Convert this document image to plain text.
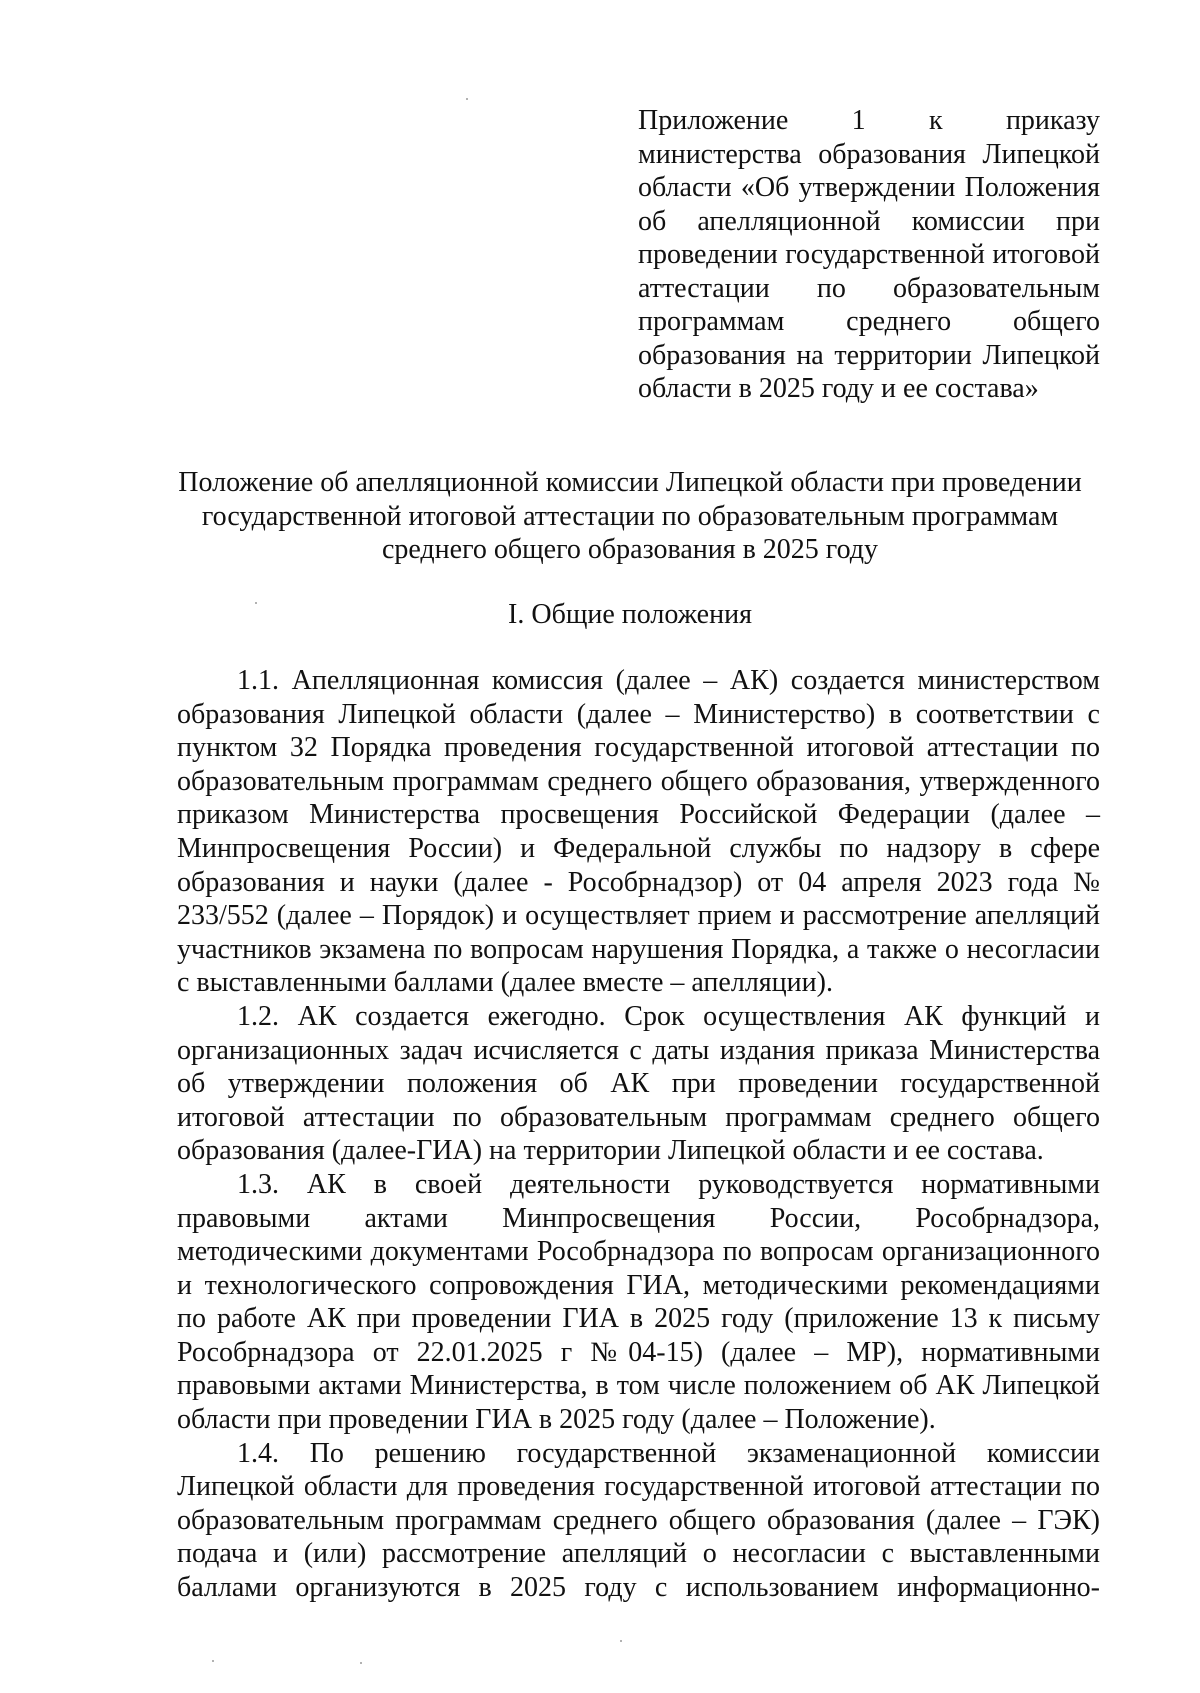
Приложение 1 к приказу министерства образования Липецкой области «Об утверждении Положения об апелляционной комиссии при проведении государственной итоговой аттестации по образовательным программам среднего общего образования на территории Липецкой области в 2025 году и ее состава»
Положение об апелляционной комиссии Липецкой области при проведении государственной итоговой аттестации по образовательным программам среднего общего образования в 2025 году
I. Общие положения

1.1. Апелляционная комиссия (далее – АК) создается министерством образования Липецкой области (далее – Министерство) в соответствии с пунктом 32 Порядка проведения государственной итоговой аттестации по образовательным программам среднего общего образования, утвержденного приказом Министерства просвещения Российской Федерации (далее – Минпросвещения России) и Федеральной службы по надзору в сфере образования и науки (далее - Рособрнадзор) от 04 апреля 2023 года № 233/552 (далее – Порядок) и осуществляет прием и рассмотрение апелляций участников экзамена по вопросам нарушения Порядка, а также о несогласии с выставленными баллами (далее вместе – апелляции).

1.2. АК создается ежегодно. Срок осуществления АК функций и организационных задач исчисляется с даты издания приказа Министерства об утверждении положения об АК при проведении государственной итоговой аттестации по образовательным программам среднего общего образования (далее-ГИА) на территории Липецкой области и ее состава.

1.3. АК в своей деятельности руководствуется нормативными правовыми актами Минпросвещения России, Рособрнадзора, методическими документами Рособрнадзора по вопросам организационного и технологического сопровождения ГИА, методическими рекомендациями по работе АК при проведении ГИА в 2025 году (приложение 13 к письму Рособрнадзора от 22.01.2025 г №04-15) (далее – МР), нормативными правовыми актами Министерства, в том числе положением об АК Липецкой области при проведении ГИА в 2025 году (далее – Положение).

1.4. По решению государственной экзаменационной комиссии Липецкой области для проведения государственной итоговой аттестации по образовательным программам среднего общего образования (далее – ГЭК) подача и (или) рассмотрение апелляций о несогласии с выставленными баллами организуются в 2025 году с использованием информационно-
